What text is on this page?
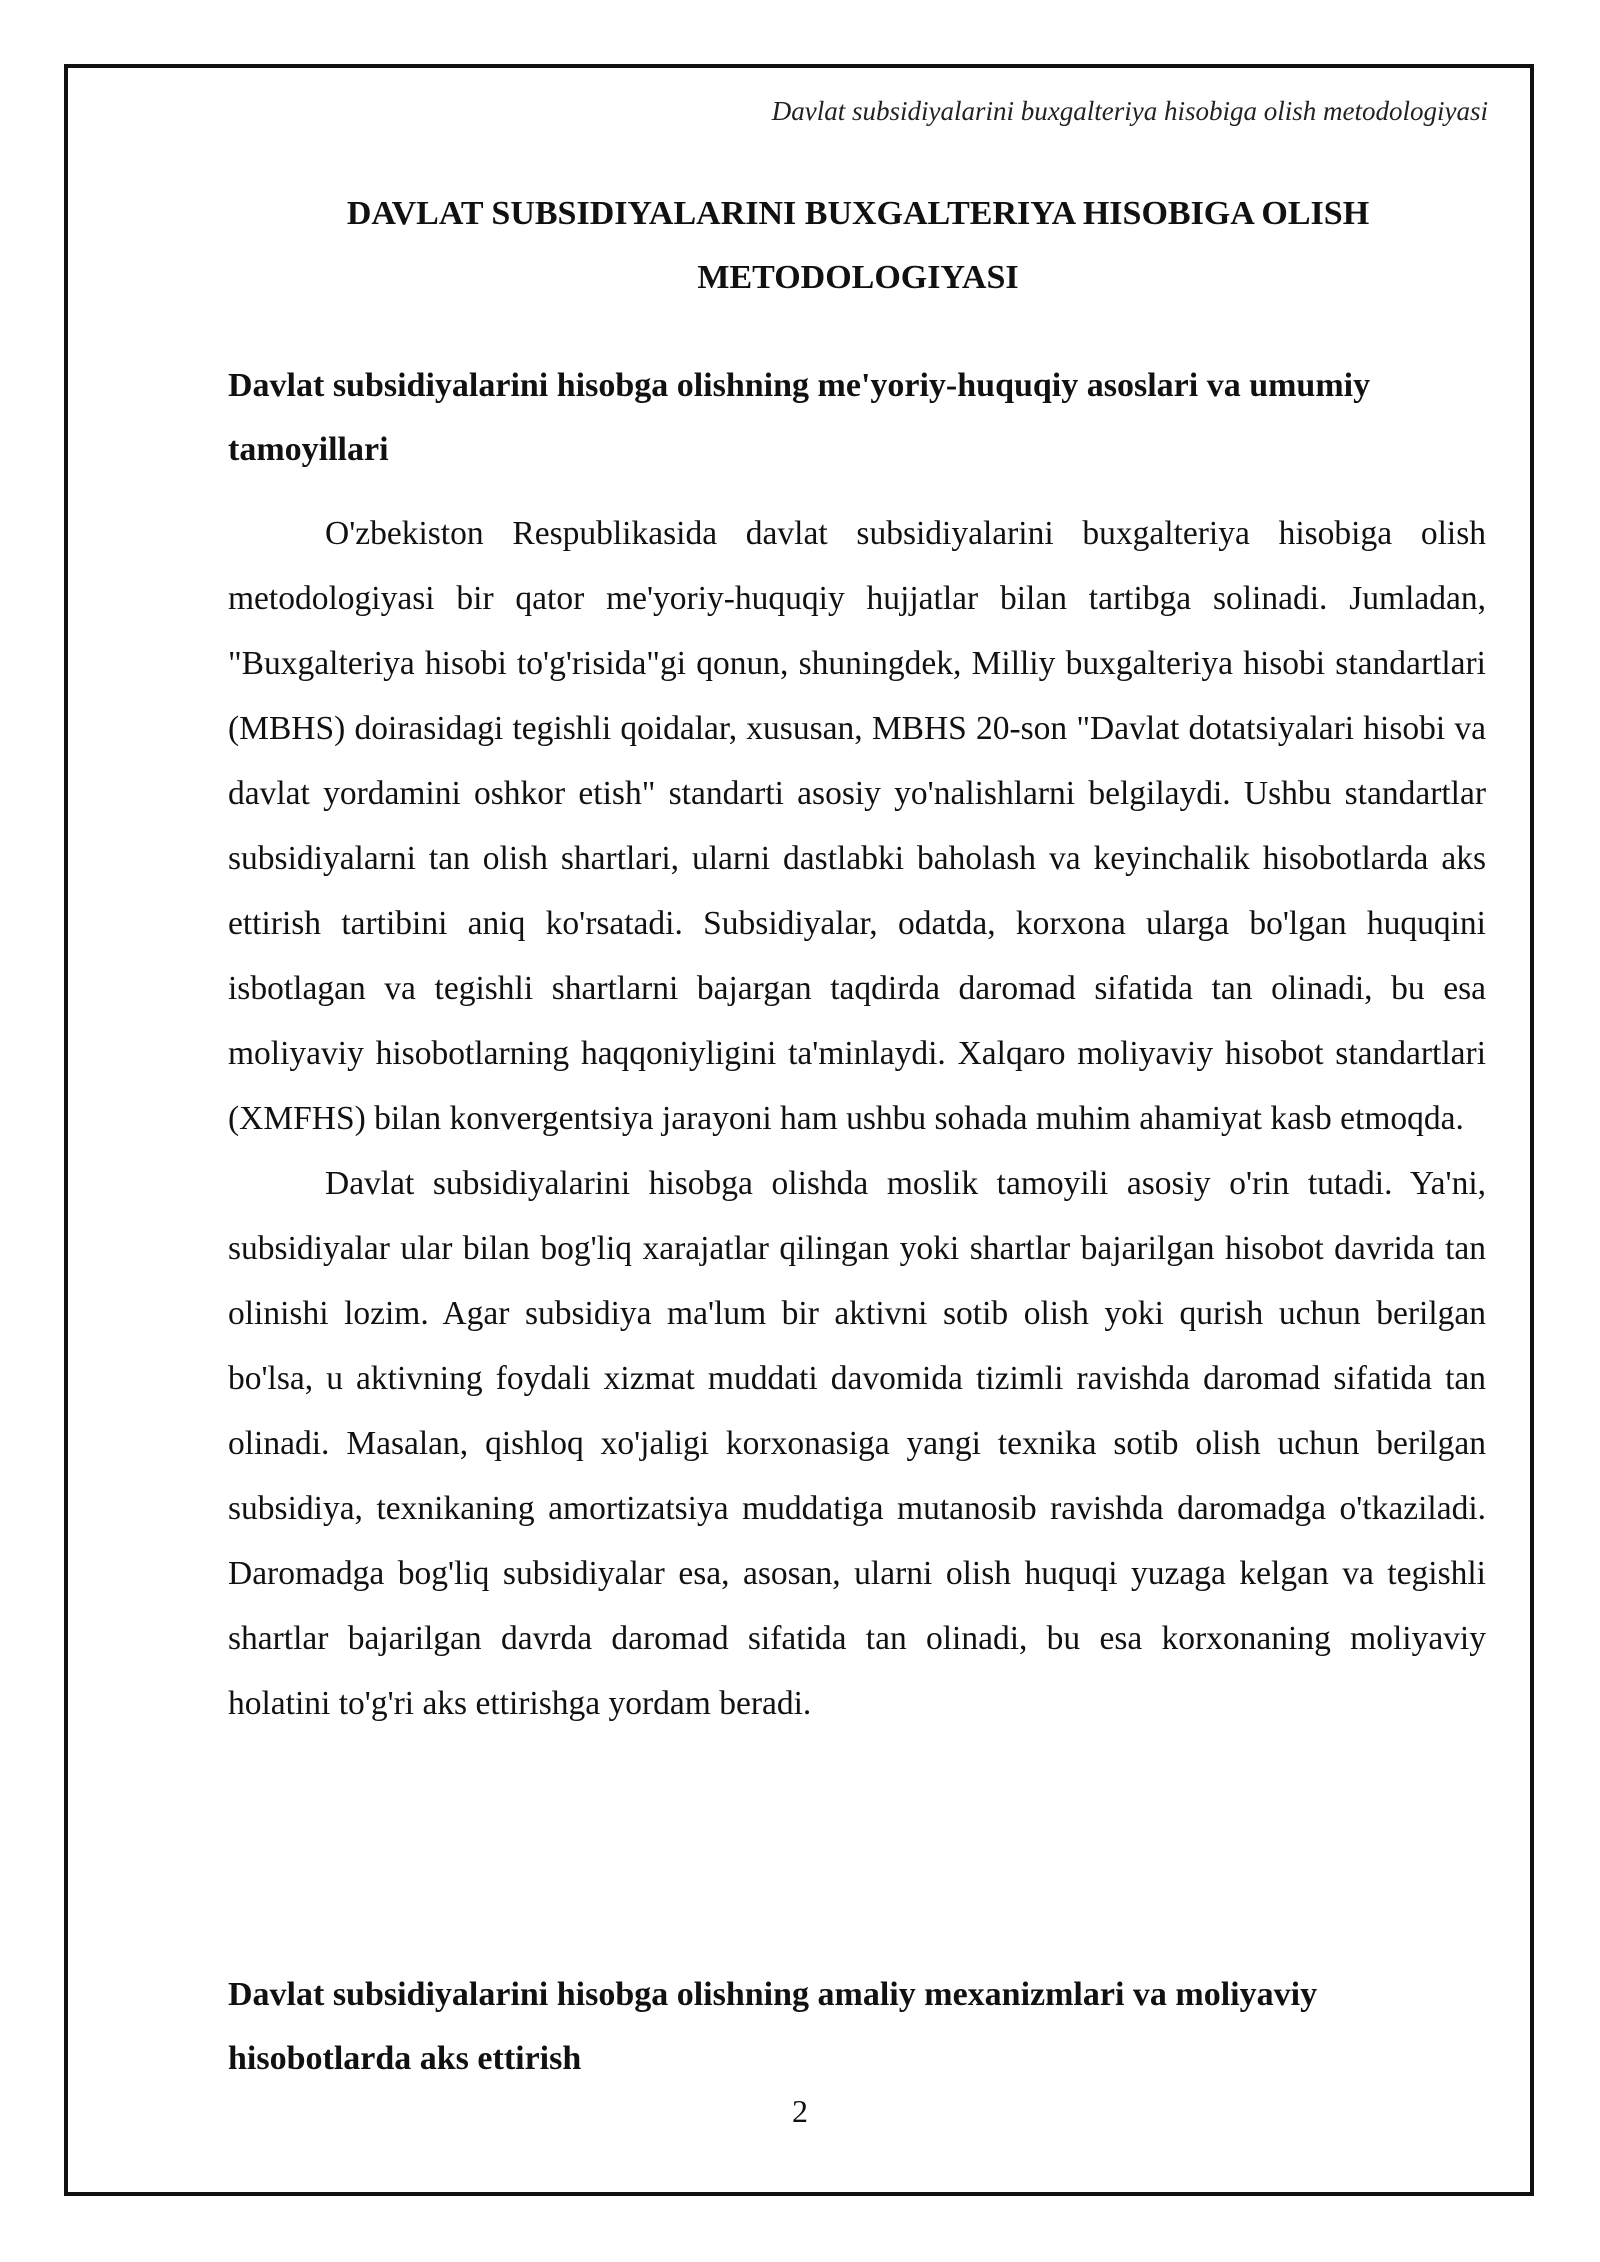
Davlat subsidiyalarini buxgalteriya hisobiga olish metodologiyasi
DAVLAT SUBSIDIYALARINI BUXGALTERIYA HISOBIGA OLISH METODOLOGIYASI
Davlat subsidiyalarini hisobga olishning me'yoriy-huquqiy asoslari va umumiy tamoyillari

O'zbekiston Respublikasida davlat subsidiyalarini buxgalteriya hisobiga olish metodologiyasi bir qator me'yoriy-huquqiy hujjatlar bilan tartibga solinadi. Jumladan, "Buxgalteriya hisobi to'g'risida"gi qonun, shuningdek, Milliy buxgalteriya hisobi standartlari (MBHS) doirasidagi tegishli qoidalar, xususan, MBHS 20-son "Davlat dotatsiyalari hisobi va davlat yordamini oshkor etish" standarti asosiy yo'nalishlarni belgilaydi. Ushbu standartlar subsidiyalarni tan olish shartlari, ularni dastlabki baholash va keyinchalik hisobotlarda aks ettirish tartibini aniq ko'rsatadi. Subsidiyalar, odatda, korxona ularga bo'lgan huquqini isbotlagan va tegishli shartlarni bajargan taqdirda daromad sifatida tan olinadi, bu esa moliyaviy hisobotlarning haqqoniyligini ta'minlaydi. Xalqaro moliyaviy hisobot standartlari (XMFHS) bilan konvergentsiya jarayoni ham ushbu sohada muhim ahamiyat kasb etmoqda.

Davlat subsidiyalarini hisobga olishda moslik tamoyili asosiy o'rin tutadi. Ya'ni, subsidiyalar ular bilan bog'liq xarajatlar qilingan yoki shartlar bajarilgan hisobot davrida tan olinishi lozim. Agar subsidiya ma'lum bir aktivni sotib olish yoki qurish uchun berilgan bo'lsa, u aktivning foydali xizmat muddati davomida tizimli ravishda daromad sifatida tan olinadi. Masalan, qishloq xo'jaligi korxonasiga yangi texnika sotib olish uchun berilgan subsidiya, texnikaning amortizatsiya muddatiga mutanosib ravishda daromadga o'tkaziladi. Daromadga bog'liq subsidiyalar esa, asosan, ularni olish huquqi yuzaga kelgan va tegishli shartlar bajarilgan davrda daromad sifatida tan olinadi, bu esa korxonaning moliyaviy holatini to'g'ri aks ettirishga yordam beradi.

Davlat subsidiyalarini hisobga olishning amaliy mexanizmlari va moliyaviy hisobotlarda aks ettirish
2
